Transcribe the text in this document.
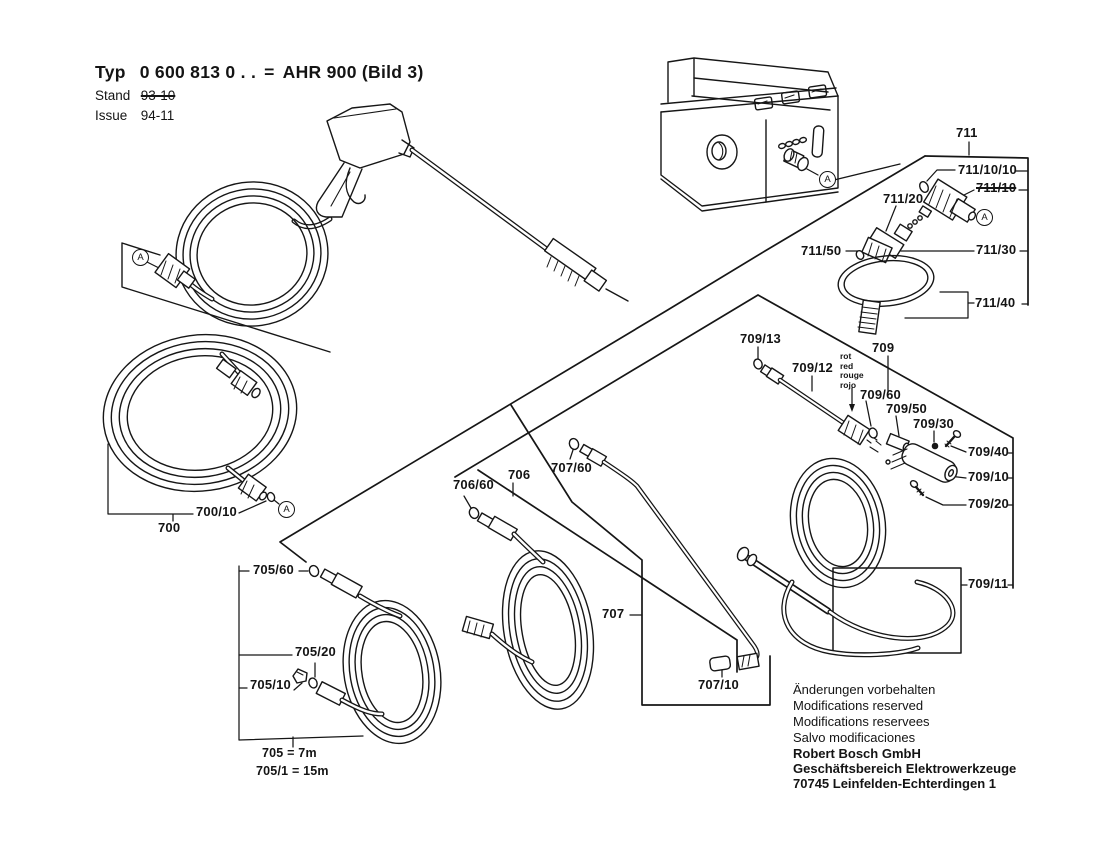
Typ 0 600 813 0 . . = AHR 900 (Bild 3)
Stand 93-10
Issue 94-11
711
711/10/10
711/10
711/20
711/50	711/30
711/40
709/13
709/12
709
709/60
709/50
709/30
709/40
709/10
709/20
709/11
707/60
706/60
706
707
707/10
700/10
700
705/60
705/20
705/10
705 = 7m
705/1 = 15m
rot
red
rouge
rojo
A
A
A
A
Änderungen vorbehalten
Modifications reserved
Modifications reservees
Salvo modificaciones
Robert Bosch GmbH
Geschäftsbereich Elektrowerkzeuge
70745 Leinfelden-Echterdingen 1
